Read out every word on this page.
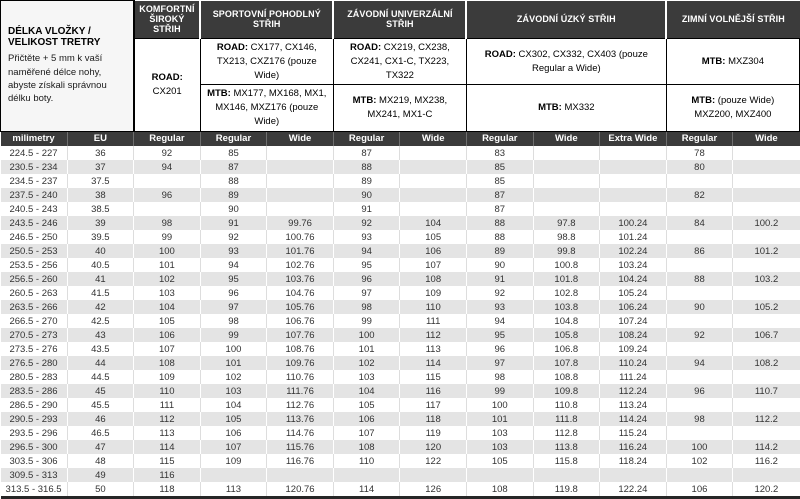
DÉLKA VLOŽKY / VELIKOST TRETRY
Přičtěte + 5 mm k vaší naměřené délce nohy, abyste získali správnou délku boty.		KOMFORTNÍ ŠIROKÝ STŘIH	SPORTOVNÍ POHODLNÝ STŘIH		ZÁVODNÍ UNIVERZÁLNÍ STŘIH		ZÁVODNÍ ÚZKÝ STŘIH			ZIMNÍ VOLNĚJŠÍ STŘIH	
		ROAD: CX201	ROAD: CX177, CX146, TX213, CXZ176 (pouze Wide)		ROAD: CX219, CX238, CX241, CX1-C, TX223, TX322		ROAD: CX302, CX332, CX403 (pouze Regular a Wide)			MTB: MXZ304	
			MTB: MX177, MX168, MX1, MX146, MXZ176 (pouze Wide)		MTB: MX219, MX238, MX241, MX1-C		MTB: MX332			MTB: (pouze Wide) MXZ200, MXZ400	
milimetry	EU	Regular	Regular	Wide	Regular	Wide	Regular	Wide	Extra Wide	Regular	Wide
224.5 - 227	36	92	85		87		83			78	
230.5 - 234	37	94	87		88		85			80	
234.5 - 237	37.5		88		89		85				
237.5 - 240	38	96	89		90		87			82	
240.5 - 243	38.5		90		91		87				
243.5 - 246	39	98	91	99.76	92	104	88	97.8	100.24	84	100.2
246.5 - 250	39.5	99	92	100.76	93	105	88	98.8	101.24		
250.5 - 253	40	100	93	101.76	94	106	89	99.8	102.24	86	101.2
253.5 - 256	40.5	101	94	102.76	95	107	90	100.8	103.24		
256.5 - 260	41	102	95	103.76	96	108	91	101.8	104.24	88	103.2
260.5 - 263	41.5	103	96	104.76	97	109	92	102.8	105.24		
263.5 - 266	42	104	97	105.76	98	110	93	103.8	106.24	90	105.2
266.5 - 270	42.5	105	98	106.76	99	111	94	104.8	107.24		
270.5 - 273	43	106	99	107.76	100	112	95	105.8	108.24	92	106.7
273.5 - 276	43.5	107	100	108.76	101	113	96	106.8	109.24		
276.5 - 280	44	108	101	109.76	102	114	97	107.8	110.24	94	108.2
280.5 - 283	44.5	109	102	110.76	103	115	98	108.8	111.24		
283.5 - 286	45	110	103	111.76	104	116	99	109.8	112.24	96	110.7
286.5 - 290	45.5	111	104	112.76	105	117	100	110.8	113.24		
290.5 - 293	46	112	105	113.76	106	118	101	111.8	114.24	98	112.2
293.5 - 296	46.5	113	106	114.76	107	119	103	112.8	115.24		
296.5 - 300	47	114	107	115.76	108	120	103	113.8	116.24	100	114.2
303.5 - 306	48	115	109	116.76	110	122	105	115.8	118.24	102	116.2
309.5 - 313	49	116									
313.5 - 316.5	50	118	113	120.76	114	126	108	119.8	122.24	106	120.2
